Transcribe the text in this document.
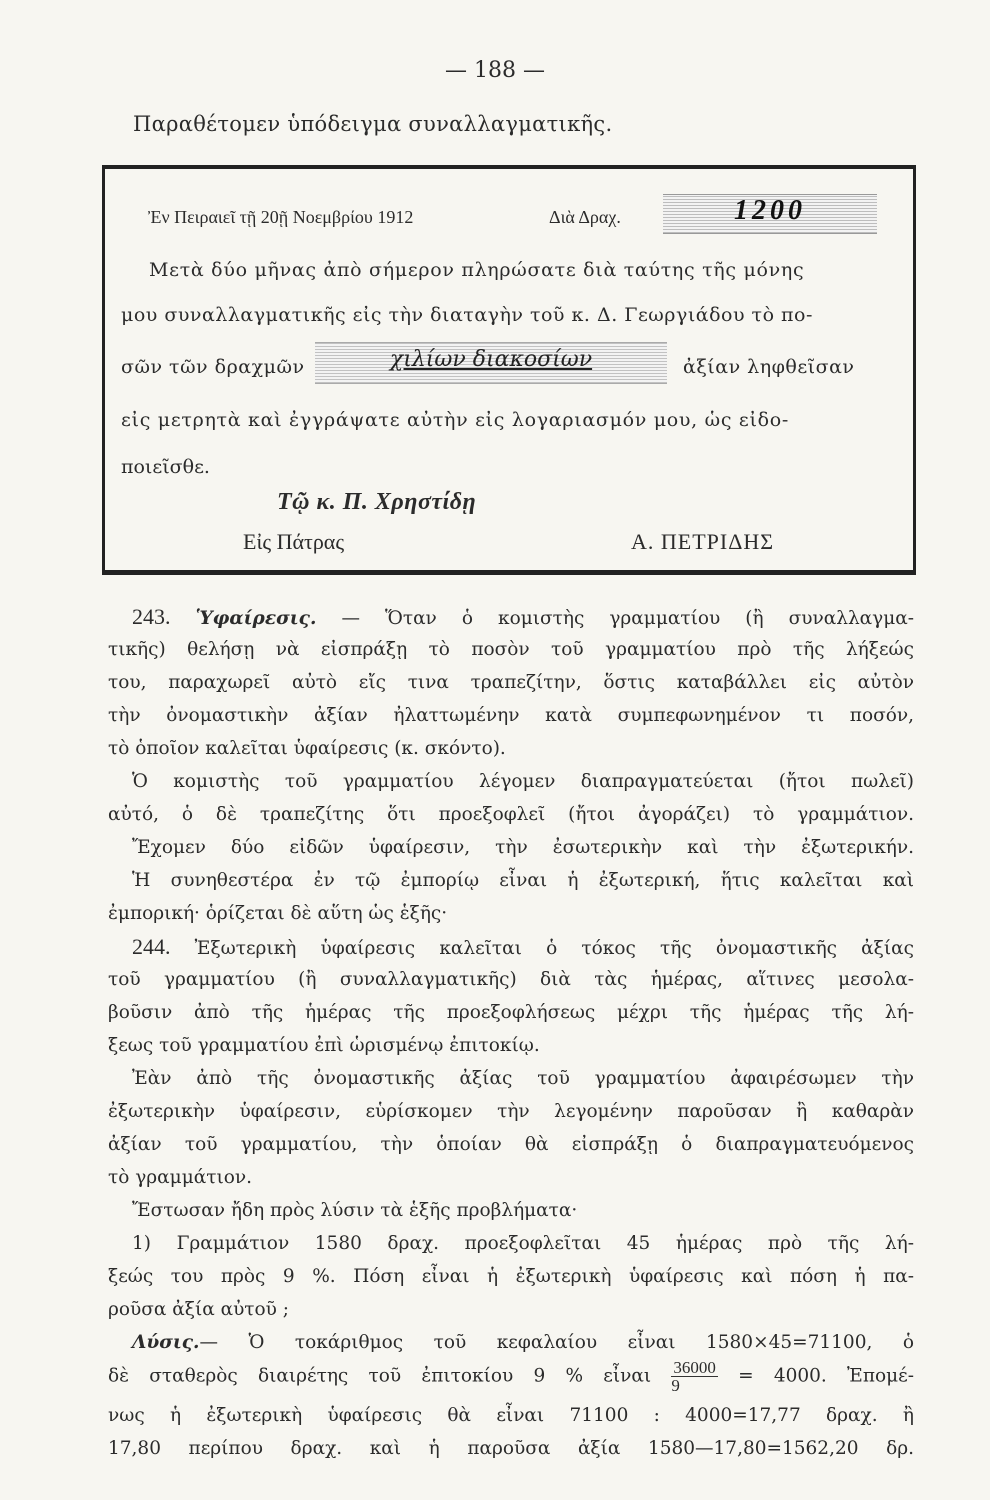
— 188 —
Παραθέτομεν ὑπόδειγμα συναλλαγματικῆς.
Ἐν Πειραιεῖ τῇ 20ῇ Νοεμβρίου 1912	Διὰ Δραχ.	1200
Μετὰ δύο μῆνας ἀπὸ σήμερον πληρώσατε διὰ ταύτης τῆς μόνης
μου συναλλαγματικῆς εἰς τὴν διαταγὴν τοῦ κ. Δ. Γεωργιάδου τὸ πο-
σῶν τῶν δραχμῶν	ἀξίαν ληφθεῖσαν
χιλίων διακοσίων
εἰς μετρητὰ καὶ ἐγγράψατε αὐτὴν εἰς λογαριασμόν μου, ὡς εἰδο-
ποιεῖσθε.
Τῷ κ. Π. Χρηστίδῃ
Εἰς Πάτρας	Α. ΠΕΤΡΙΔΗΣ
243. Ὑφαίρεσις. — Ὅταν ὁ κομιστὴς γραμματίου (ἢ συναλλαγμα-
τικῆς) θελήσῃ νὰ εἰσπράξῃ τὸ ποσὸν τοῦ γραμματίου πρὸ τῆς λήξεώς
του, παραχωρεῖ αὐτὸ εἴς τινα τραπεζίτην, ὅστις καταβάλλει εἰς αὐτὸν
τὴν ὀνομαστικὴν ἀξίαν ἠλαττωμένην κατὰ συμπεφωνημένον τι ποσόν,
τὸ ὁποῖον καλεῖται ὑφαίρεσις (κ. σκόντο).
Ὁ κομιστὴς τοῦ γραμματίου λέγομεν διαπραγματεύεται (ἤτοι πωλεῖ)
αὐτό, ὁ δὲ τραπεζίτης ὅτι προεξοφλεῖ (ἤτοι ἀγοράζει) τὸ γραμμάτιον.
Ἔχομεν δύο εἰδῶν ὑφαίρεσιν, τὴν ἐσωτερικὴν καὶ τὴν ἐξωτερικήν.
Ἡ συνηθεστέρα ἐν τῷ ἐμπορίῳ εἶναι ἡ ἐξωτερική, ἥτις καλεῖται καὶ
ἐμπορική· ὁρίζεται δὲ αὕτη ὡς ἑξῆς·
244. Ἐξωτερικὴ ὑφαίρεσις καλεῖται ὁ τόκος τῆς ὀνομαστικῆς ἀξίας
τοῦ γραμματίου (ἢ συναλλαγματικῆς) διὰ τὰς ἡμέρας, αἵτινες μεσολα-
βοῦσιν ἀπὸ τῆς ἡμέρας τῆς προεξοφλήσεως μέχρι τῆς ἡμέρας τῆς λή-
ξεως τοῦ γραμματίου ἐπὶ ὡρισμένῳ ἐπιτοκίῳ.
Ἐὰν ἀπὸ τῆς ὀνομαστικῆς ἀξίας τοῦ γραμματίου ἀφαιρέσωμεν τὴν
ἐξωτερικὴν ὑφαίρεσιν, εὑρίσκομεν τὴν λεγομένην παροῦσαν ἢ καθαρὰν
ἀξίαν τοῦ γραμματίου, τὴν ὁποίαν θὰ εἰσπράξῃ ὁ διαπραγματευόμενος
τὸ γραμμάτιον.
Ἔστωσαν ἤδη πρὸς λύσιν τὰ ἑξῆς προβλήματα·
1) Γραμμάτιον 1580 δραχ. προεξοφλεῖται 45 ἡμέρας πρὸ τῆς λή-
ξεώς του πρὸς 9 %. Πόση εἶναι ἡ ἐξωτερικὴ ὑφαίρεσις καὶ πόση ἡ πα-
ροῦσα ἀξία αὐτοῦ ;
Λύσις.— Ὁ τοκάριθμος τοῦ κεφαλαίου εἶναι 1580×45=71100, ὁ
δὲ σταθερὸς διαιρέτης τοῦ ἐπιτοκίου 9 % εἶναι $\frac{36000}{9} = 4000$. Ἐπομέ-
νως ἡ ἐξωτερικὴ ὑφαίρεσις θὰ εἶναι 71100 : 4000=17,77 δραχ. ἢ
17,80 περίπου δραχ. καὶ ἡ παροῦσα ἀξία 1580—17,80=1562,20 δρ.
